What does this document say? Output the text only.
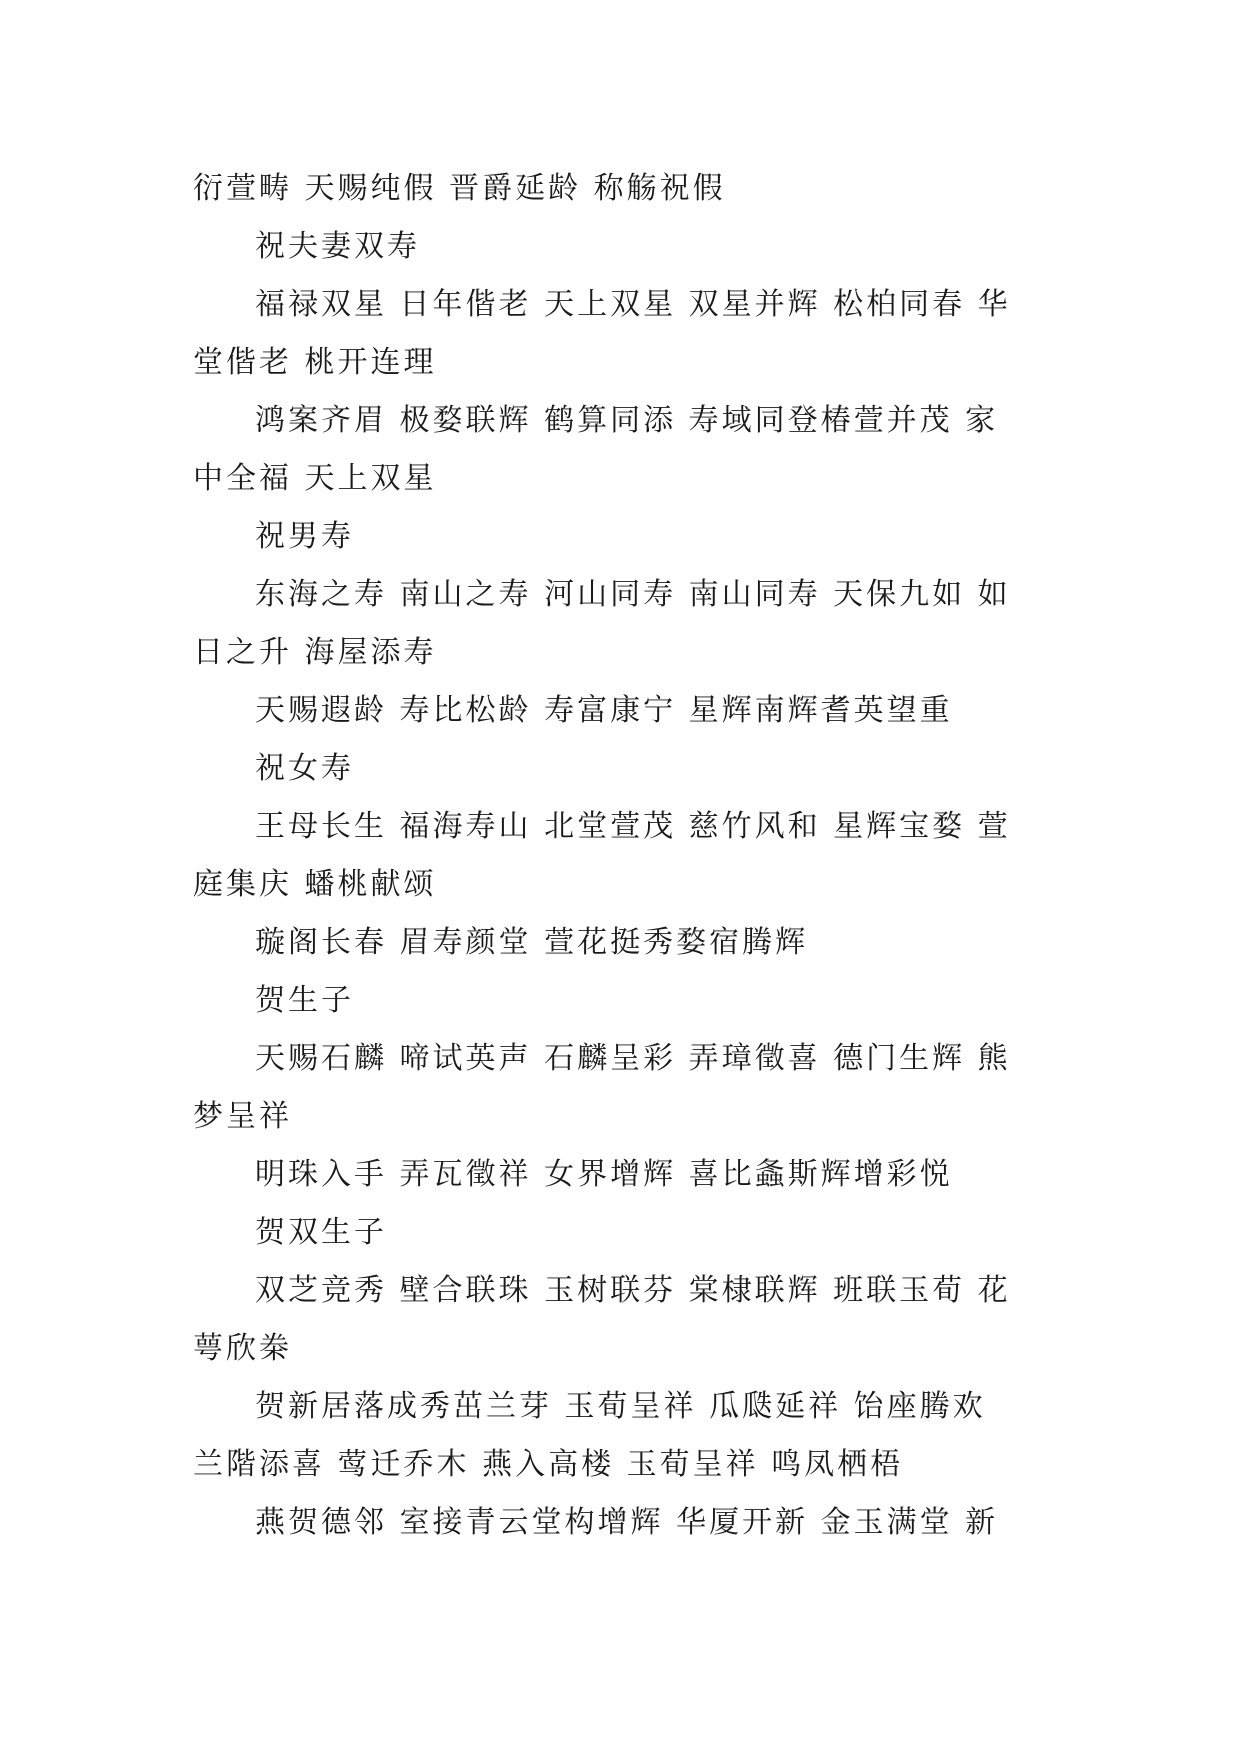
衍萱畴 天赐纯假 晋爵延龄 称觞祝假
祝夫妻双寿
福禄双星 日年偕老 天上双星 双星并辉 松柏同春 华
堂偕老 桃开连理
鸿案齐眉 极婺联辉 鹤算同添 寿域同登椿萱并茂 家
中全福 天上双星
祝男寿
东海之寿 南山之寿 河山同寿 南山同寿 天保九如 如
日之升 海屋添寿
天赐遐龄 寿比松龄 寿富康宁 星辉南辉耆英望重
祝女寿
王母长生 福海寿山 北堂萱茂 慈竹风和 星辉宝婺 萱
庭集庆 蟠桃献颂
璇阁长春 眉寿颜堂 萱花挺秀婺宿腾辉
贺生子
天赐石麟 啼试英声 石麟呈彩 弄璋徵喜 德门生辉 熊
梦呈祥
明珠入手 弄瓦徵祥 女界增辉 喜比螽斯辉增彩悦
贺双生子
双芝竞秀 壁合联珠 玉树联芬 棠棣联辉 班联玉荀 花
萼欣桊
贺新居落成秀茁兰芽 玉荀呈祥 瓜瓞延祥 饴座腾欢
兰階添喜 莺迁乔木 燕入高楼 玉荀呈祥 鸣凤栖梧
燕贺德邻 室接青云堂构增辉 华厦开新 金玉满堂 新
